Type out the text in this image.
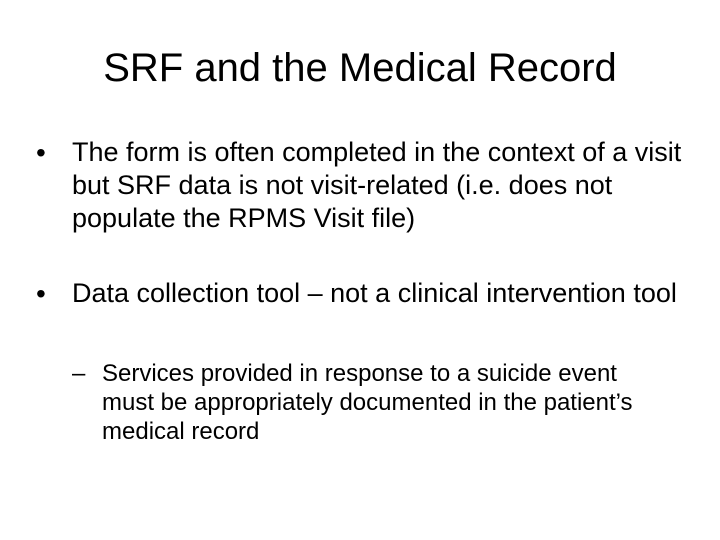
SRF and the Medical Record
• The form is often completed in the context of a visit but SRF data is not visit-related (i.e. does not populate the RPMS Visit file)
• Data collection tool – not a clinical intervention tool
– Services provided in response to a suicide event must be appropriately documented in the patient’s medical record
